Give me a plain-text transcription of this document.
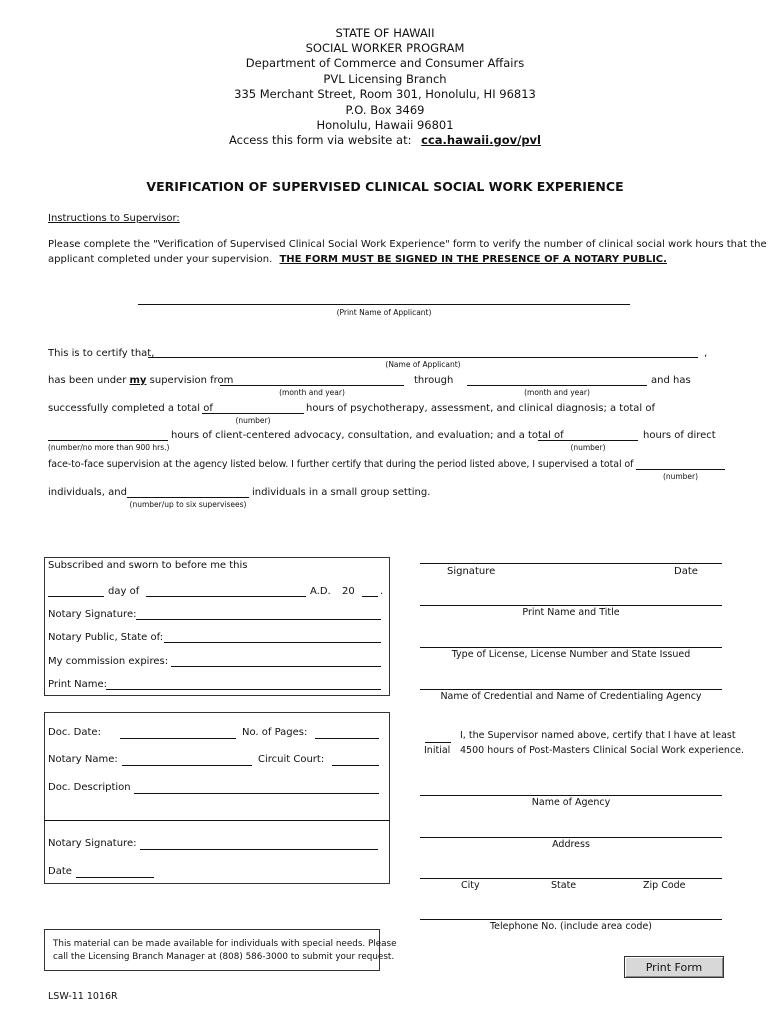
STATE OF HAWAII
SOCIAL WORKER PROGRAM
Department of Commerce and Consumer Affairs
PVL Licensing Branch
335 Merchant Street, Room 301, Honolulu, HI 96813
P.O. Box 3469
Honolulu, Hawaii 96801
Access this form via website at: cca.hawaii.gov/pvl
VERIFICATION OF SUPERVISED CLINICAL SOCIAL WORK EXPERIENCE
Instructions to Supervisor:
Please complete the "Verification of Supervised Clinical Social Work Experience" form to verify the number of clinical social work hours that the
applicant completed under your supervision. THE FORM MUST BE SIGNED IN THE PRESENCE OF A NOTARY PUBLIC.
(Print Name of Applicant)
This is to certify that,	,
(Name of Applicant)
has been under my supervision from
(month and year)
through
(month and year)
and has
successfully completed a total of
(number)
hours of psychotherapy, assessment, and clinical diagnosis; a total of
(number/no more than 900 hrs.)
hours of client-centered advocacy, consultation, and evaluation; and a total of
(number)
hours of direct
face-to-face supervision at the agency listed below. I further certify that during the period listed above, I supervised a total of
(number)
individuals, and
(number/up to six supervisees)
individuals in a small group setting.
Subscribed and sworn to before me this
day of	A.D. 20	.
Notary Signature:
Notary Public, State of:
My commission expires:
Print Name:
Doc. Date:	No. of Pages:
Notary Name:	Circuit Court:
Doc. Description
Notary Signature:
Date
Signature	Date
Print Name and Title
Type of License, License Number and State Issued
Name of Credential and Name of Credentialing Agency
Initial
I, the Supervisor named above, certify that I have at least
4500 hours of Post-Masters Clinical Social Work experience.
Name of Agency
Address
City	State	Zip Code
Telephone No. (include area code)
This material can be made available for individuals with special needs. Please
call the Licensing Branch Manager at (808) 586-3000 to submit your request.
Print Form
LSW-11 1016R
